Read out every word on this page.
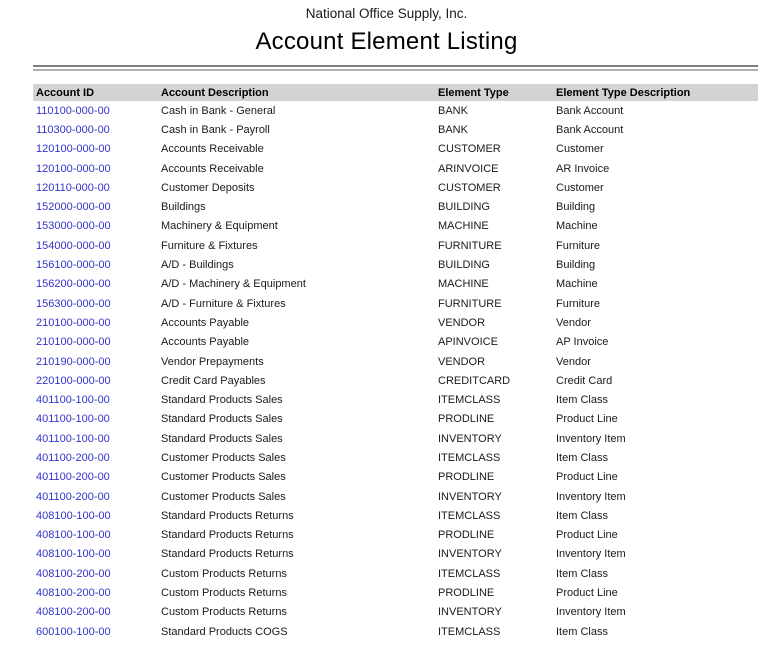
National Office Supply, Inc.
Account Element Listing
Account ID	Account Description	Element Type	Element Type Description
110100-000-00	Cash in Bank - General	BANK	Bank Account
110300-000-00	Cash in Bank - Payroll	BANK	Bank Account
120100-000-00	Accounts Receivable	CUSTOMER	Customer
120100-000-00	Accounts Receivable	ARINVOICE	AR Invoice
120110-000-00	Customer Deposits	CUSTOMER	Customer
152000-000-00	Buildings	BUILDING	Building
153000-000-00	Machinery & Equipment	MACHINE	Machine
154000-000-00	Furniture & Fixtures	FURNITURE	Furniture
156100-000-00	A/D - Buildings	BUILDING	Building
156200-000-00	A/D - Machinery & Equipment	MACHINE	Machine
156300-000-00	A/D - Furniture & Fixtures	FURNITURE	Furniture
210100-000-00	Accounts Payable	VENDOR	Vendor
210100-000-00	Accounts Payable	APINVOICE	AP Invoice
210190-000-00	Vendor Prepayments	VENDOR	Vendor
220100-000-00	Credit Card Payables	CREDITCARD	Credit Card
401100-100-00	Standard Products Sales	ITEMCLASS	Item Class
401100-100-00	Standard Products Sales	PRODLINE	Product Line
401100-100-00	Standard Products Sales	INVENTORY	Inventory Item
401100-200-00	Customer Products Sales	ITEMCLASS	Item Class
401100-200-00	Customer Products Sales	PRODLINE	Product Line
401100-200-00	Customer Products Sales	INVENTORY	Inventory Item
408100-100-00	Standard Products Returns	ITEMCLASS	Item Class
408100-100-00	Standard Products Returns	PRODLINE	Product Line
408100-100-00	Standard Products Returns	INVENTORY	Inventory Item
408100-200-00	Custom Products Returns	ITEMCLASS	Item Class
408100-200-00	Custom Products Returns	PRODLINE	Product Line
408100-200-00	Custom Products Returns	INVENTORY	Inventory Item
600100-100-00	Standard Products COGS	ITEMCLASS	Item Class
